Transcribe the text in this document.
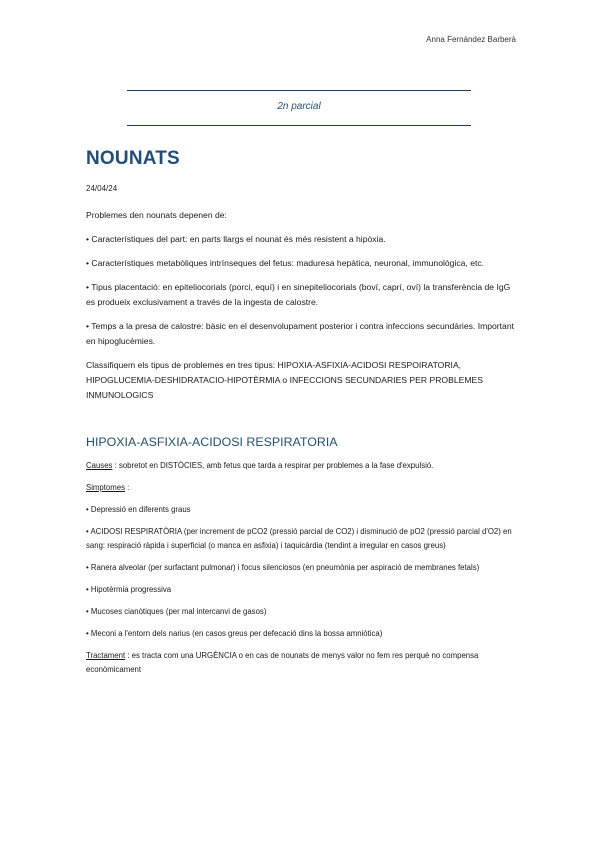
Anna Fernández Barberà
2n parcial
NOUNATS
24/04/24

Problemes den nounats depenen de:

• Característiques del part: en parts llargs el nounat és més resistent a hipòxia.

• Característiques metabòliques intrínseques del fetus: maduresa hepàtica, neuronal, immunològica, etc.

• Tipus placentació: en epiteliocorials (porci, equí) i en sinepiteliocorials (boví, caprí, oví) la transferència de IgG es produeix exclusivament a través de la ingesta de calostre.

• Temps a la presa de calostre: bàsic en el desenvolupament posterior i contra infeccions secundàries. Important en hipoglucèmies.

Classifiquem els tipus de problemes en tres tipus: HIPOXIA-ASFIXIA-ACIDOSI RESPOIRATORIA, HIPOGLUCEMIA-DESHIDRATACIO-HIPOTÈRMIA o INFECCIONS SECUNDARIES PER PROBLEMES INMUNOLOGICS

HIPOXIA-ASFIXIA-ACIDOSI RESPIRATORIA

Causes : sobretot en DISTÒCIES, amb fetus que tarda a respirar per problemes a la fase d'expulsió.

Simptomes :

• Depressió en diferents graus

• ACIDOSI RESPIRATÒRIA (per increment de pCO2 (pressió parcial de CO2) i disminució de pO2 (pressió parcial d'O2) en sang: respiració ràpida i superficial (o manca en asfixia) i taquicàrdia (tendint a irregular en casos greus)

• Ranera alveolar (per surfactant pulmonar) i focus silenciosos (en pneumònia per aspiració de membranes fetals)

• Hipotèrmia progressiva

• Mucoses cianòtiques (per mal intercanvi de gasos)

• Meconi a l'entorn dels narius (en casos greus per defecació dins la bossa amniòtica)

Tractament : es tracta com una URGÈNCIA o en cas de nounats de menys valor no fem res perquè no compensa econòmicament
